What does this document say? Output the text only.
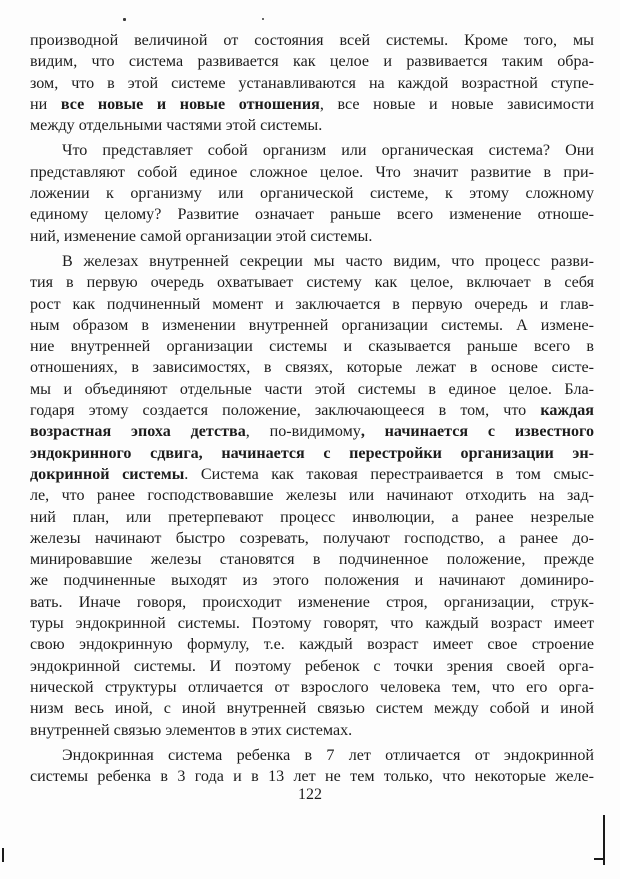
производной величиной от состояния всей системы. Кроме того, мы
видим, что система развивается как целое и развивается таким обра-
зом, что в этой системе устанавливаются на каждой возрастной ступе-
ни все новые и новые отношения, все новые и новые зависимости
между отдельными частями этой системы.
Что представляет собой организм или органическая система? Они
представляют собой единое сложное целое. Что значит развитие в при-
ложении к организму или органической системе, к этому сложному
единому целому? Развитие означает раньше всего изменение отноше-
ний, изменение самой организации этой системы.
В железах внутренней секреции мы часто видим, что процесс разви-
тия в первую очередь охватывает систему как целое, включает в себя
рост как подчиненный момент и заключается в первую очередь и глав-
ным образом в изменении внутренней организации системы. А измене-
ние внутренней организации системы и сказывается раньше всего в
отношениях, в зависимостях, в связях, которые лежат в основе систе-
мы и объединяют отдельные части этой системы в единое целое. Бла-
годаря этому создается положение, заключающееся в том, что каждая
возрастная эпоха детства, по-видимому, начинается с известного
эндокринного сдвига, начинается с перестройки организации эн-
докринной системы. Система как таковая перестраивается в том смыс-
ле, что ранее господствовавшие железы или начинают отходить на зад-
ний план, или претерпевают процесс инволюции, а ранее незрелые
железы начинают быстро созревать, получают господство, а ранее до-
минировавшие железы становятся в подчиненное положение, прежде
же подчиненные выходят из этого положения и начинают доминиро-
вать. Иначе говоря, происходит изменение строя, организации, струк-
туры эндокринной системы. Поэтому говорят, что каждый возраст имеет
свою эндокринную формулу, т.е. каждый возраст имеет свое строение
эндокринной системы. И поэтому ребенок с точки зрения своей орга-
нической структуры отличается от взрослого человека тем, что его орга-
низм весь иной, с иной внутренней связью систем между собой и иной
внутренней связью элементов в этих системах.
Эндокринная система ребенка в 7 лет отличается от эндокринной
системы ребенка в 3 года и в 13 лет не тем только, что некоторые желе-
122
